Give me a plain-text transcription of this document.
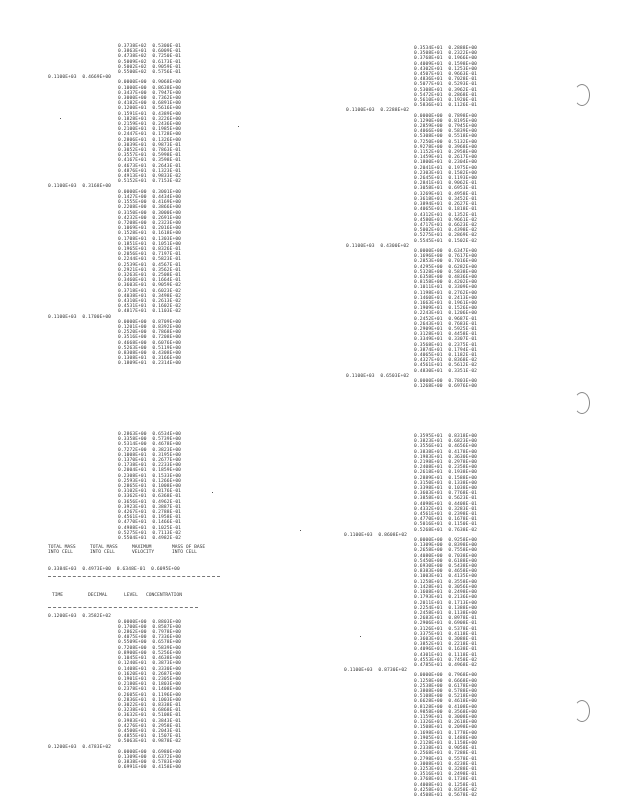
0.3738E+02  0.5300E-01
0.3863E+01  0.6009E-01
0.4738E+02  0.7250E-01
0.5009E+02  0.6173E-01
0.5002E+02  0.9059E-01
0.5500E+02  0.5756E-01
0.1100E+03  0.4669E+00
0.0000E+00  0.9068E+00
0.1000E+00  0.8638E+00
0.3437E+00  0.7947E+00
0.3000E+00  0.7362E+00
0.4182E+00  0.6891E+00
0.1200E+01  0.5616E+00
0.1591E+01  0.4389E+00
0.1828E+01  0.3226E+00
0.2159E+01  0.2436E+00
0.2100E+01  0.1985E+00
0.2447E+01  0.1728E+00
0.2806E+01  0.1326E+00
0.3039E+01  0.9873E-01
0.3052E+01  0.7863E-01
0.3557E+01  0.5998E-01
0.4167E+01  0.3598E-01
0.4673E+01  0.2643E-01
0.4876E+01  0.1323E-01
0.4913E+01  0.9833E-02
0.5152E+01  0.7153E-02
0.1100E+03  0.3168E+00
0.0000E+00  0.3001E+00
0.1427E+00  0.4434E+00
0.1555E+00  0.4169E+00
0.2208E+00  0.3866E+00
0.3150E+00  0.3000E+00
0.4232E+00  0.2691E+00
0.7208E+00  0.2323E+00
0.1069E+01  0.2016E+00
0.1528E+01  0.1618E+00
0.1708E+01  0.1303E+00
0.1851E+01  0.1051E+00
0.1965E+01  0.8326E-01
0.2056E+01  0.7197E-01
0.2244E+01  0.5823E-01
0.2539E+01  0.4567E-01
0.2921E+01  0.3562E-01
0.3263E+01  0.2508E-01
0.3460E+01  0.1664E-01
0.3603E+01  0.9059E-02
0.3718E+01  0.6023E-02
0.4038E+01  0.3498E-02
0.4310E+01  0.2613E-02
0.4531E+01  0.1602E-02
0.4817E+01  0.1103E-02
0.1100E+03  0.1700E+00
0.0000E+00  0.8709E+00
0.1201E+00  0.8392E+00
0.2520E+00  0.7868E+00
0.3516E+00  0.7208E+00
0.4668E+00  0.6076E+00
0.5263E+00  0.5119E+00
0.8308E+00  0.4308E+00
0.1308E+01  0.3166E+00
0.1809E+01  0.2314E+00
0.3534E+01  0.2888E+00
0.3508E+01  0.2322E+00
0.3768E+01  0.1966E+00
0.4009E+01  0.1598E+00
0.4302E+01  0.1253E+00
0.4507E+01  0.9663E-01
0.4836E+01  0.7028E-01
0.5077E+01  0.5293E-01
0.5308E+01  0.3962E-01
0.5472E+01  0.2868E-01
0.5610E+01  0.1920E-01
0.5836E+01  0.1126E-01
0.1100E+03  0.2288E+02
0.0000E+00  0.7898E+00
0.1290E+00  0.8195E+00
0.2859E+00  0.7945E+00
0.4066E+00  0.5839E+00
0.5308E+00  0.5518E+00
0.7250E+00  0.5132E+00
0.9278E+00  0.3968E+00
0.1152E+01  0.2958E+00
0.1459E+01  0.2617E+00
0.1800E+01  0.2304E+00
0.2041E+01  0.1975E+00
0.2303E+01  0.1582E+00
0.2645E+01  0.1193E+00
0.2841E+01  0.9062E-01
0.3058E+01  0.6953E-01
0.3269E+01  0.4958E-01
0.3618E+01  0.3452E-01
0.3894E+01  0.2627E-01
0.4065E+01  0.1818E-01
0.4312E+01  0.1352E-01
0.4580E+01  0.9661E-02
0.4717E+01  0.6623E-02
0.5002E+01  0.4398E-02
0.5275E+01  0.2869E-02
0.5545E+01  0.1502E-02
0.1100E+03  0.4300E+02
0.0000E+00  0.6347E+00
0.1696E+00  0.7617E+00
0.2853E+00  0.7016E+00
0.4295E+00  0.6282E+00
0.5328E+00  0.5838E+00
0.6358E+00  0.4836E+00
0.8158E+00  0.4202E+00
0.1011E+01  0.3309E+00
0.1198E+01  0.2762E+00
0.1460E+01  0.2413E+00
0.1663E+01  0.1961E+00
0.1909E+01  0.1526E+00
0.2243E+01  0.1206E+00
0.2452E+01  0.9687E-01
0.2643E+01  0.7683E-01
0.2909E+01  0.5925E-01
0.3128E+01  0.4458E-01
0.3349E+01  0.3307E-01
0.3568E+01  0.2375E-01
0.3874E+01  0.1794E-01
0.4065E+01  0.1182E-01
0.4327E+01  0.8368E-02
0.4561E+01  0.5612E-02
0.4830E+01  0.3351E-02
0.1100E+03  0.6503E+02
0.0000E+00  0.7803E+00
0.1268E+00  0.6976E+00
0.2863E+00  0.6534E+00
0.3358E+00  0.5739E+00
0.5314E+00  0.4678E+00
0.7272E+00  0.3823E+00
0.1008E+01  0.3195E+00
0.1370E+01  0.2677E+00
0.1738E+01  0.2233E+00
0.2004E+01  0.1859E+00
0.2308E+01  0.1533E+00
0.2593E+01  0.1266E+00
0.2865E+01  0.1008E+00
0.3102E+01  0.8176E-01
0.3362E+01  0.6368E-01
0.3656E+01  0.4962E-01
0.3923E+01  0.3887E-01
0.4267E+01  0.2788E-01
0.4561E+01  0.1958E-01
0.4770E+01  0.1466E-01
0.4988E+01  0.1025E-01
0.5275E+01  0.7113E-02
0.5504E+01  0.4982E-02
TOTAL MASS
INTO CELL
TOTAL MASS
INTO CELL
MAXIMUM
VELOCITY
MASS OF BASE
INTO CELL
0.3384E+03  0.4973E+00  0.6348E-01  0.6095E+00
TIME	DECIMAL	LEVEL CONCENTRATION
0.1200E+03  0.3582E+02
0.0000E+00  0.8803E+00
0.1700E+00  0.8587E+00
0.2862E+00  0.7978E+00
0.4075E+00  0.7336E+00
0.5509E+00  0.6578E+00
0.7208E+00  0.5839E+00
0.8900E+00  0.5256E+00
0.1045E+01  0.4638E+00
0.1240E+01  0.3873E+00
0.1408E+01  0.3330E+00
0.1620E+01  0.2687E+00
0.1901E+01  0.2305E+00
0.2180E+01  0.1803E+00
0.2378E+01  0.1408E+00
0.2605E+01  0.1196E+00
0.2836E+01  0.1003E+00
0.3022E+01  0.8338E-01
0.3238E+01  0.6868E-01
0.3632E+01  0.5108E-01
0.3983E+01  0.3843E-01
0.4276E+01  0.2958E-01
0.4500E+01  0.2043E-01
0.4855E+01  0.1507E-01
0.5063E+01  0.9878E-02
0.1200E+03  0.4783E+02
0.0000E+00  0.6980E+00
0.1309E+00  0.6372E+00
0.3838E+00  0.5783E+00
0.6991E+00  0.4158E+00
0.3595E+01  0.8318E+00
0.3823E+01  0.6823E+00
0.3556E+01  0.4656E+00
0.3838E+01  0.4178E+00
0.1983E+01  0.3630E+00
0.2198E+01  0.2978E+00
0.2408E+01  0.2358E+00
0.2618E+01  0.1938E+00
0.2889E+01  0.1588E+00
0.3150E+01  0.1338E+00
0.3398E+01  0.1038E+00
0.3603E+01  0.7768E-01
0.3858E+01  0.5623E-01
0.4098E+01  0.4408E-01
0.4332E+01  0.3283E-01
0.4561E+01  0.2398E-01
0.4770E+01  0.1678E-01
0.5016E+01  0.1150E-01
0.5268E+01  0.7638E-02
0.1100E+03  0.8608E+02
0.0000E+00  0.9258E+00
0.1309E+00  0.8398E+00
0.2658E+00  0.7558E+00
0.4080E+00  0.7038E+00
0.5450E+00  0.6188E+00
0.6930E+00  0.5438E+00
0.8383E+00  0.4658E+00
0.1003E+01  0.4135E+00
0.1258E+01  0.3558E+00
0.1428E+01  0.3056E+00
0.1608E+01  0.2498E+00
0.1793E+01  0.2136E+00
0.2011E+01  0.1713E+00
0.2254E+01  0.1388E+00
0.2458E+01  0.1138E+00
0.2683E+01  0.8978E-01
0.2906E+01  0.6908E-01
0.3126E+01  0.5378E-01
0.3375E+01  0.4118E-01
0.3603E+01  0.3088E-01
0.3852E+01  0.2218E-01
0.4096E+01  0.1638E-01
0.4301E+01  0.1118E-01
0.4553E+01  0.7458E-02
0.4785E+01  0.4968E-02
0.1100E+03  0.8730E+02
0.0000E+00  0.7968E+00
0.1258E+00  0.6668E+00
0.2538E+00  0.6178E+00
0.3808E+00  0.5788E+00
0.5108E+00  0.5218E+00
0.6628E+00  0.4618E+00
0.8128E+00  0.4108E+00
0.9858E+00  0.3568E+00
0.1159E+01  0.3008E+00
0.1326E+01  0.2618E+00
0.1508E+01  0.2098E+00
0.1698E+01  0.1778E+00
0.1905E+01  0.1488E+00
0.2128E+01  0.1158E+00
0.2338E+01  0.9058E-01
0.2568E+01  0.7288E-01
0.2798E+01  0.5578E-01
0.3008E+01  0.4238E-01
0.3253E+01  0.3288E-01
0.3516E+01  0.2498E-01
0.3768E+01  0.1738E-01
0.4008E+01  0.1258E-01
0.4258E+01  0.8358E-02
0.4508E+01  0.5678E-02
